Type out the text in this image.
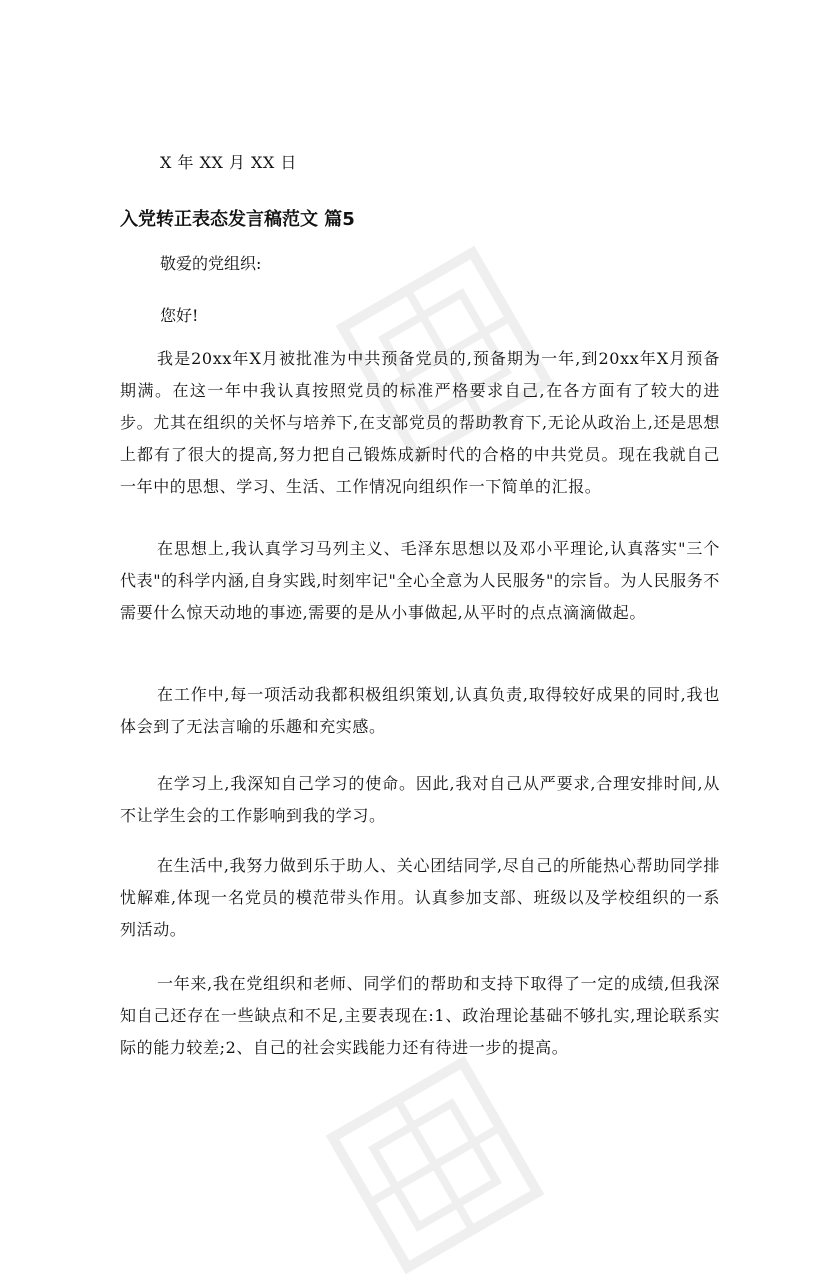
X 年 XX 月 XX 日
入党转正表态发言稿范文 篇5
敬爱的党组织:
您好!
我是20xx年X月被批准为中共预备党员的,预备期为一年,到20xx年X月预备期满。在这一年中我认真按照党员的标准严格要求自己,在各方面有了较大的进步。尤其在组织的关怀与培养下,在支部党员的帮助教育下,无论从政治上,还是思想上都有了很大的提高,努力把自己锻炼成新时代的合格的中共党员。现在我就自己一年中的思想、学习、生活、工作情况向组织作一下简单的汇报。
在思想上,我认真学习马列主义、毛泽东思想以及邓小平理论,认真落实"三个代表"的科学内涵,自身实践,时刻牢记"全心全意为人民服务"的宗旨。为人民服务不需要什么惊天动地的事迹,需要的是从小事做起,从平时的点点滴滴做起。
在工作中,每一项活动我都积极组织策划,认真负责,取得较好成果的同时,我也体会到了无法言喻的乐趣和充实感。
在学习上,我深知自己学习的使命。因此,我对自己从严要求,合理安排时间,从不让学生会的工作影响到我的学习。
在生活中,我努力做到乐于助人、关心团结同学,尽自己的所能热心帮助同学排忧解难,体现一名党员的模范带头作用。认真参加支部、班级以及学校组织的一系列活动。
一年来,我在党组织和老师、同学们的帮助和支持下取得了一定的成绩,但我深知自己还存在一些缺点和不足,主要表现在:1、政治理论基础不够扎实,理论联系实际的能力较差;2、自己的社会实践能力还有待进一步的提高。
